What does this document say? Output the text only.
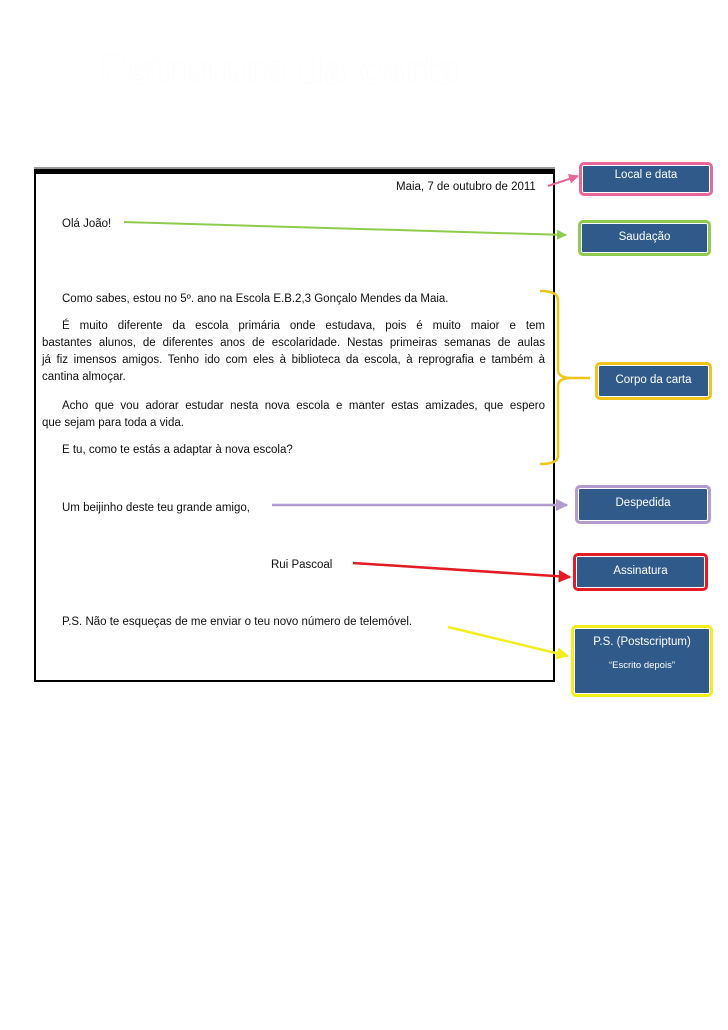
Estrutura da carta
Maia, 7 de outubro de 2011
Olá João!
Como sabes, estou no 5º. ano na Escola E.B.2,3 Gonçalo Mendes da Maia.
É muito diferente da escola primária onde estudava, pois é muito maior e tem
bastantes alunos, de diferentes anos de escolaridade. Nestas primeiras semanas de aulas
já fiz imensos amigos. Tenho ido com eles à biblioteca da escola, à reprografia e também à
cantina almoçar.
Acho que vou adorar estudar nesta nova escola e manter estas amizades, que espero
que sejam para toda a vida.
E tu, como te estás a adaptar à nova escola?
Um beijinho deste teu grande amigo,
Rui Pascoal
P.S. Não te esqueças de me enviar o teu novo número de telemóvel.
Local e data
Saudação
Corpo da carta
Despedida
Assinatura
P.S. (Postscriptum)
“Escrito depois”
